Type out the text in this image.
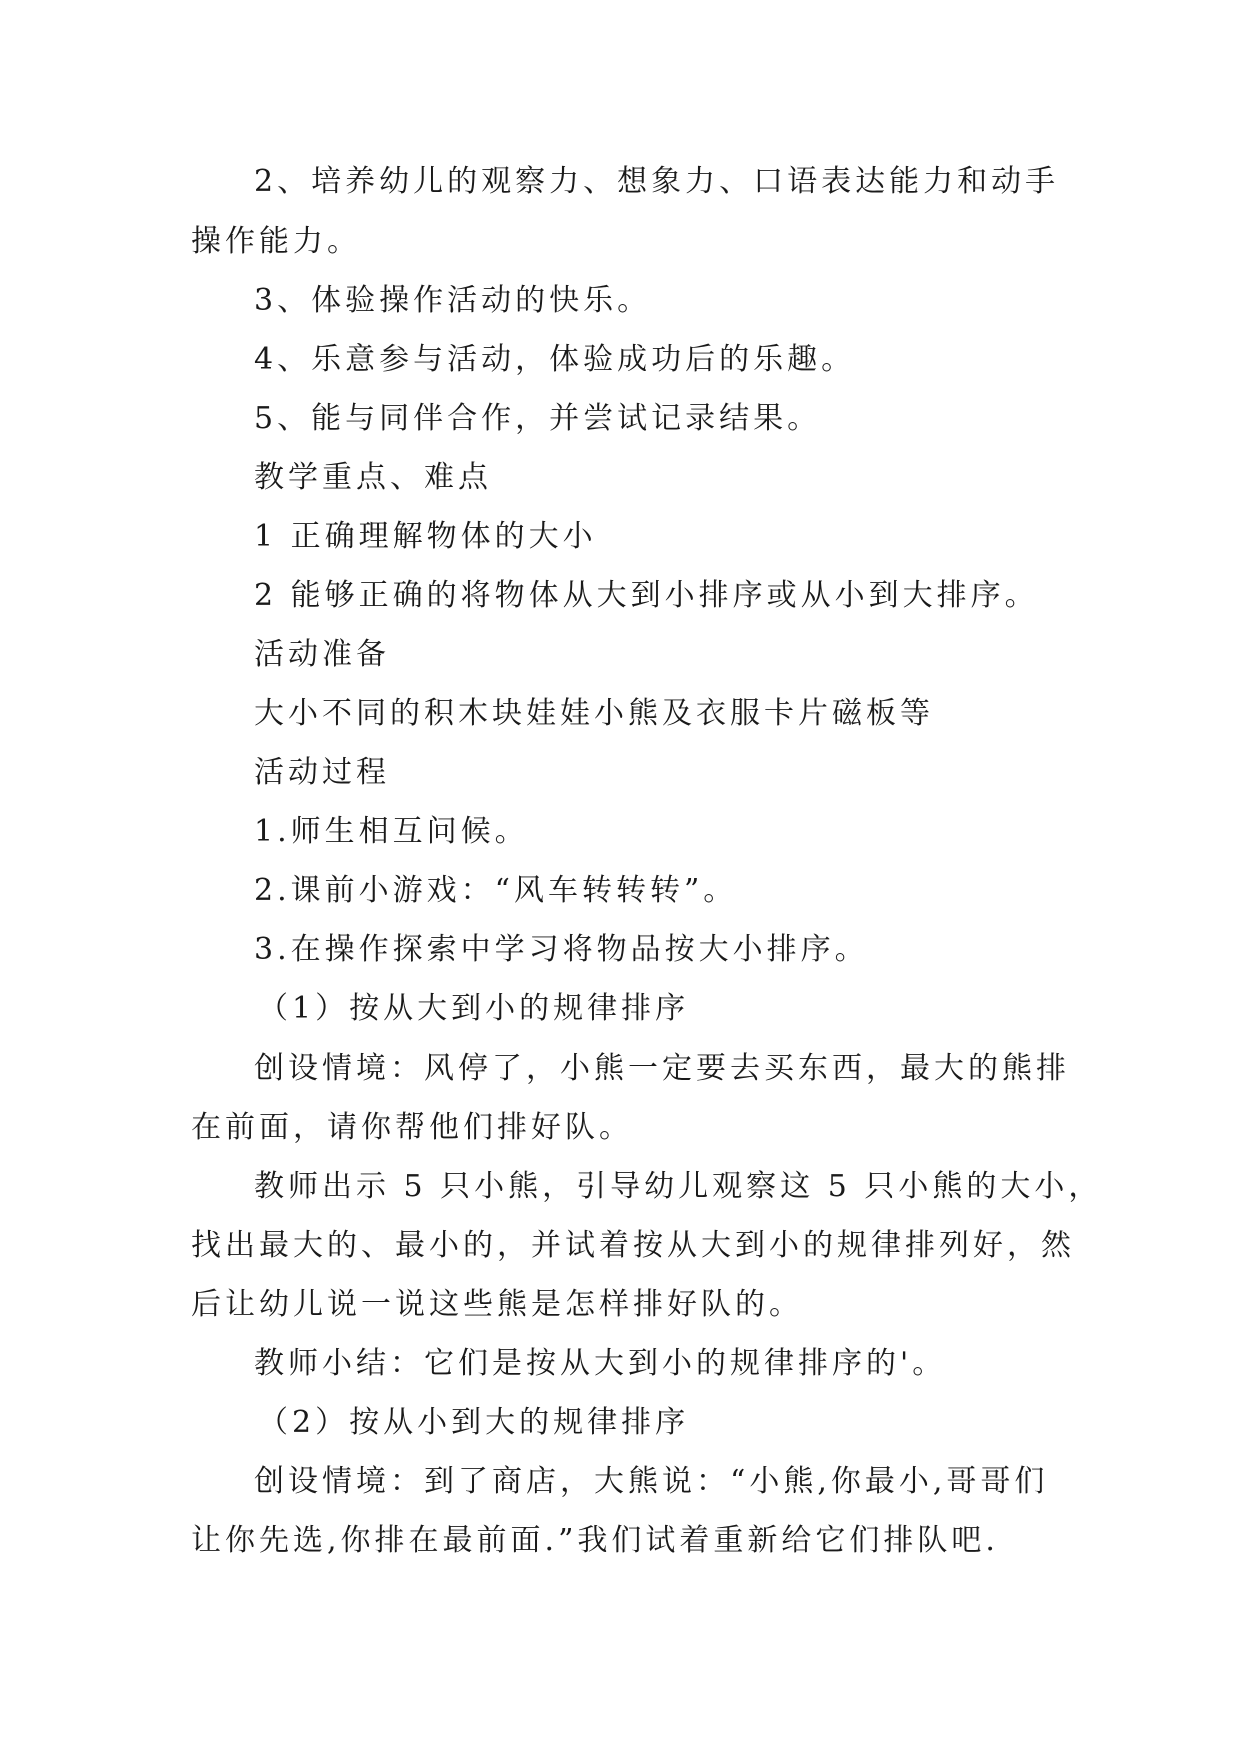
2、培养幼儿的观察力、想象力、口语表达能力和动手
操作能力。
3、体验操作活动的快乐。
4、乐意参与活动，体验成功后的乐趣。
5、能与同伴合作，并尝试记录结果。
教学重点、难点
1 正确理解物体的大小
2 能够正确的将物体从大到小排序或从小到大排序。
活动准备
大小不同的积木块娃娃小熊及衣服卡片磁板等
活动过程
1.师生相互问候。
2.课前小游戏：“风车转转转”。
3.在操作探索中学习将物品按大小排序。
（1）按从大到小的规律排序
创设情境：风停了，小熊一定要去买东西，最大的熊排
在前面，请你帮他们排好队。
教师出示 5 只小熊，引导幼儿观察这 5 只小熊的大小，
找出最大的、最小的，并试着按从大到小的规律排列好，然
后让幼儿说一说这些熊是怎样排好队的。
教师小结：它们是按从大到小的规律排序的'。
（2）按从小到大的规律排序
创设情境：到了商店，大熊说：“小熊,你最小,哥哥们
让你先选,你排在最前面.”我们试着重新给它们排队吧.
